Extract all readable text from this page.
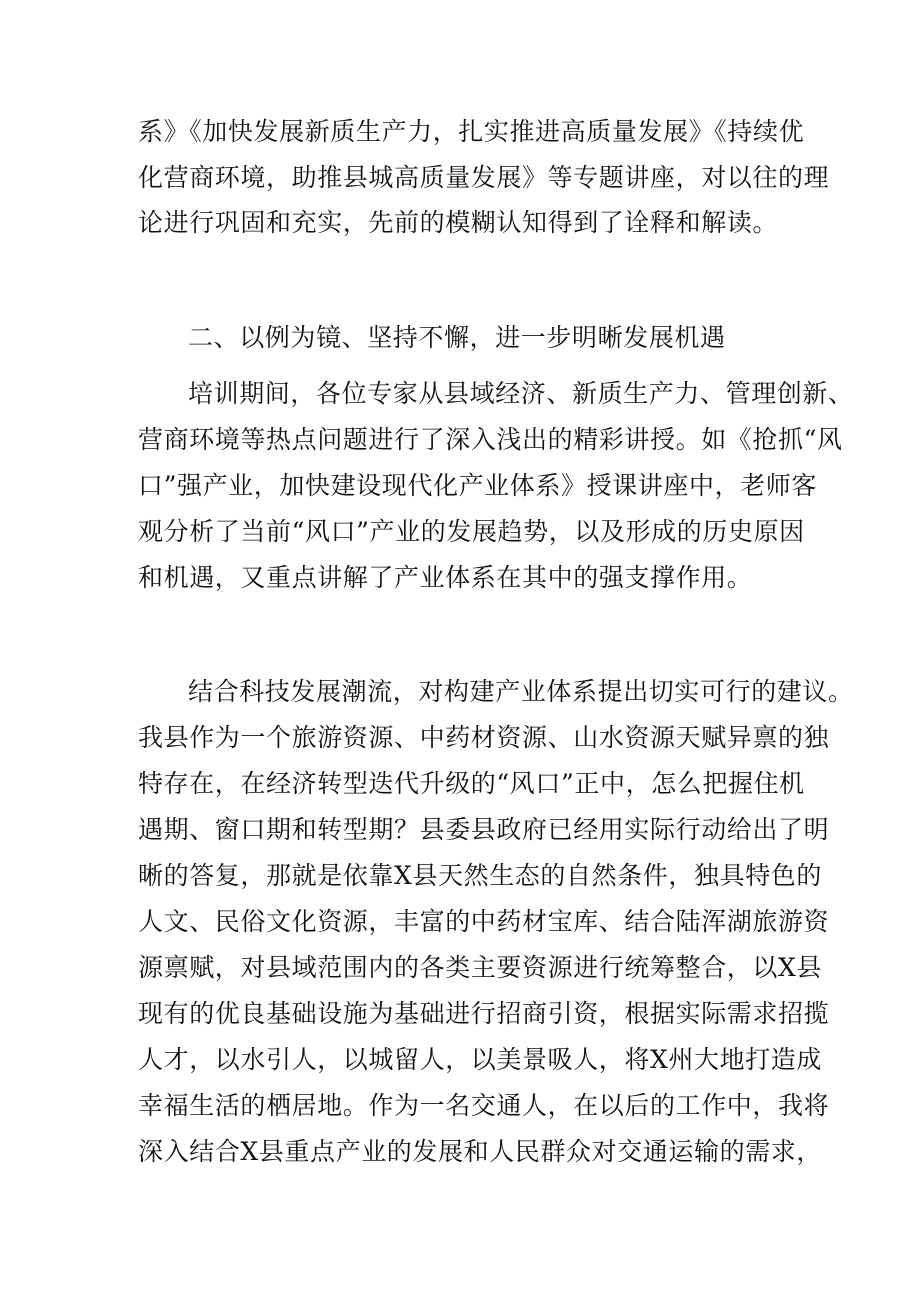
系》《加快发展新质生产力，扎实推进高质量发展》《持续优
化营商环境，助推县城高质量发展》等专题讲座，对以往的理
论进行巩固和充实，先前的模糊认知得到了诠释和解读。
二、以例为镜、坚持不懈，进一步明晰发展机遇
培训期间，各位专家从县域经济、新质生产力、管理创新、
营商环境等热点问题进行了深入浅出的精彩讲授。如《抢抓“风
口”强产业，加快建设现代化产业体系》授课讲座中，老师客
观分析了当前“风口”产业的发展趋势，以及形成的历史原因
和机遇，又重点讲解了产业体系在其中的强支撑作用。
结合科技发展潮流，对构建产业体系提出切实可行的建议。
我县作为一个旅游资源、中药材资源、山水资源天赋异禀的独
特存在，在经济转型迭代升级的“风口”正中，怎么把握住机
遇期、窗口期和转型期？县委县政府已经用实际行动给出了明
晰的答复，那就是依靠X县天然生态的自然条件，独具特色的
人文、民俗文化资源，丰富的中药材宝库、结合陆浑湖旅游资
源禀赋，对县域范围内的各类主要资源进行统筹整合，以X县
现有的优良基础设施为基础进行招商引资，根据实际需求招揽
人才，以水引人，以城留人，以美景吸人，将X州大地打造成
幸福生活的栖居地。作为一名交通人，在以后的工作中，我将
深入结合X县重点产业的发展和人民群众对交通运输的需求，
